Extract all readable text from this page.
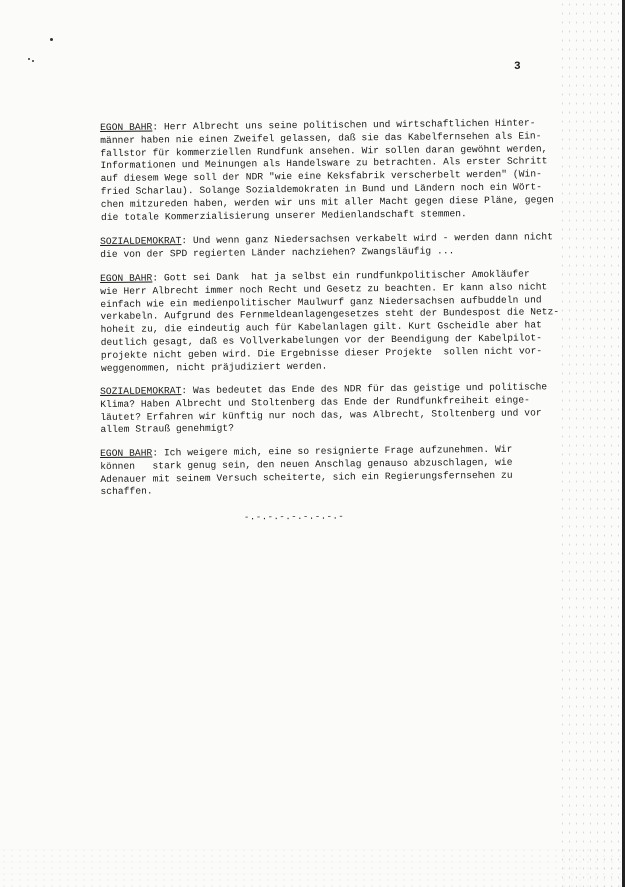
3

EGON BAHR: Herr Albrecht uns seine politischen und wirtschaftlichen Hinter-
männer haben nie einen Zweifel gelassen, daß sie das Kabelfernsehen als Ein-
fallstor für kommerziellen Rundfunk ansehen. Wir sollen daran gewöhnt werden,
Informationen und Meinungen als Handelsware zu betrachten. Als erster Schritt
auf diesem Wege soll der NDR "wie eine Keksfabrik verscherbelt werden" (Win-
fried Scharlau). Solange Sozialdemokraten in Bund und Ländern noch ein Wört-
chen mitzureden haben, werden wir uns mit aller Macht gegen diese Pläne, gegen
die totale Kommerzialisierung unserer Medienlandschaft stemmen.

SOZIALDEMOKRAT: Und wenn ganz Niedersachsen verkabelt wird - werden dann nicht
die von der SPD regierten Länder nachziehen? Zwangsläufig ...

EGON BAHR: Gott sei Dank  hat ja selbst ein rundfunkpolitischer Amokläufer
wie Herr Albrecht immer noch Recht und Gesetz zu beachten. Er kann also nicht
einfach wie ein medienpolitischer Maulwurf ganz Niedersachsen aufbuddeln und
verkabeln. Aufgrund des Fernmeldeanlagengesetzes steht der Bundespost die Netz-
hoheit zu, die eindeutig auch für Kabelanlagen gilt. Kurt Gscheidle aber hat
deutlich gesagt, daß es Vollverkabelungen vor der Beendigung der Kabelpilot-
projekte nicht geben wird. Die Ergebnisse dieser Projekte  sollen nicht vor-
weggenommen, nicht präjudiziert werden.

SOZIALDEMOKRAT: Was bedeutet das Ende des NDR für das geistige und politische
Klima? Haben Albrecht und Stoltenberg das Ende der Rundfunkfreiheit einge-
läutet? Erfahren wir künftig nur noch das, was Albrecht, Stoltenberg und vor
allem Strauß genehmigt?

EGON BAHR: Ich weigere mich, eine so resignierte Frage aufzunehmen. Wir
können   stark genug sein, den neuen Anschlag genauso abzuschlagen, wie
Adenauer mit seinem Versuch scheiterte, sich ein Regierungsfernsehen zu
schaffen.

-.-.-.-.-.-.-.-.-
